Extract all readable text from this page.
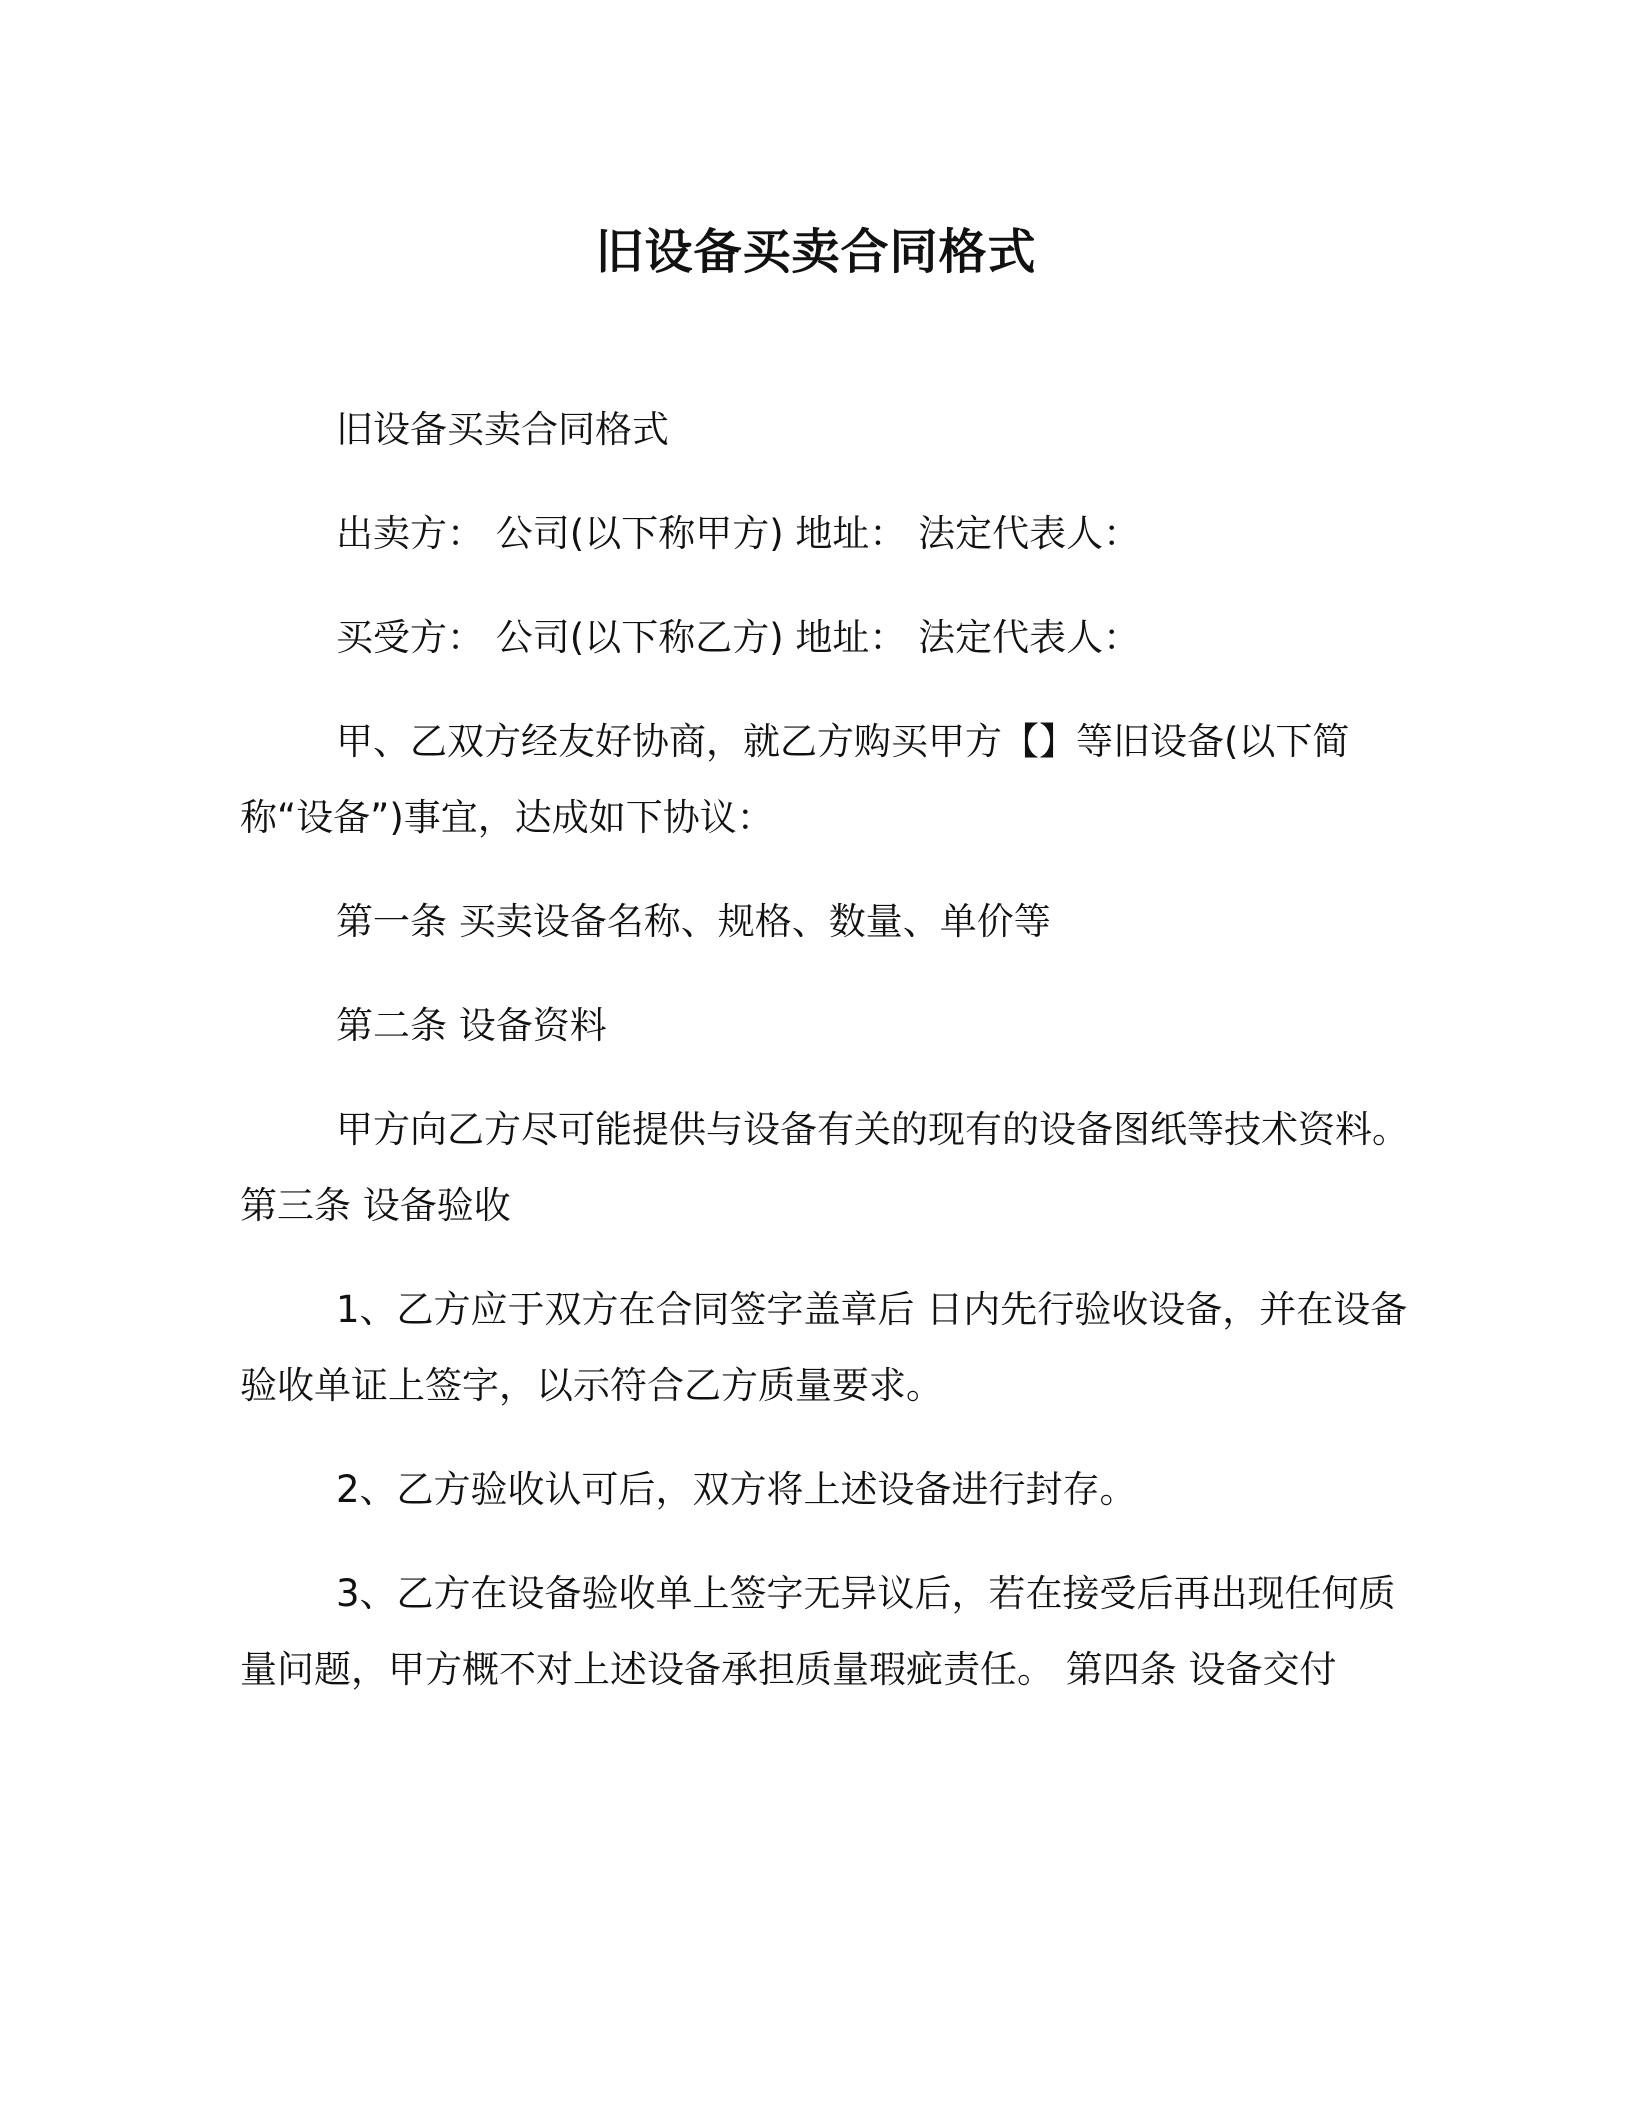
旧设备买卖合同格式

旧设备买卖合同格式

出卖方： 公司(以下称甲方) 地址： 法定代表人：

买受方： 公司(以下称乙方) 地址： 法定代表人：

甲、乙双方经友好协商，就乙方购买甲方【】等旧设备(以下简称“设备”)事宜，达成如下协议：

第一条 买卖设备名称、规格、数量、单价等

第二条 设备资料

甲方向乙方尽可能提供与设备有关的现有的设备图纸等技术资料。

第三条 设备验收

1、乙方应于双方在合同签字盖章后 日内先行验收设备，并在设备验收单证上签字，以示符合乙方质量要求。

2、乙方验收认可后，双方将上述设备进行封存。

3、乙方在设备验收单上签字无异议后，若在接受后再出现任何质量问题，甲方概不对上述设备承担质量瑕疵责任。 第四条 设备交付
